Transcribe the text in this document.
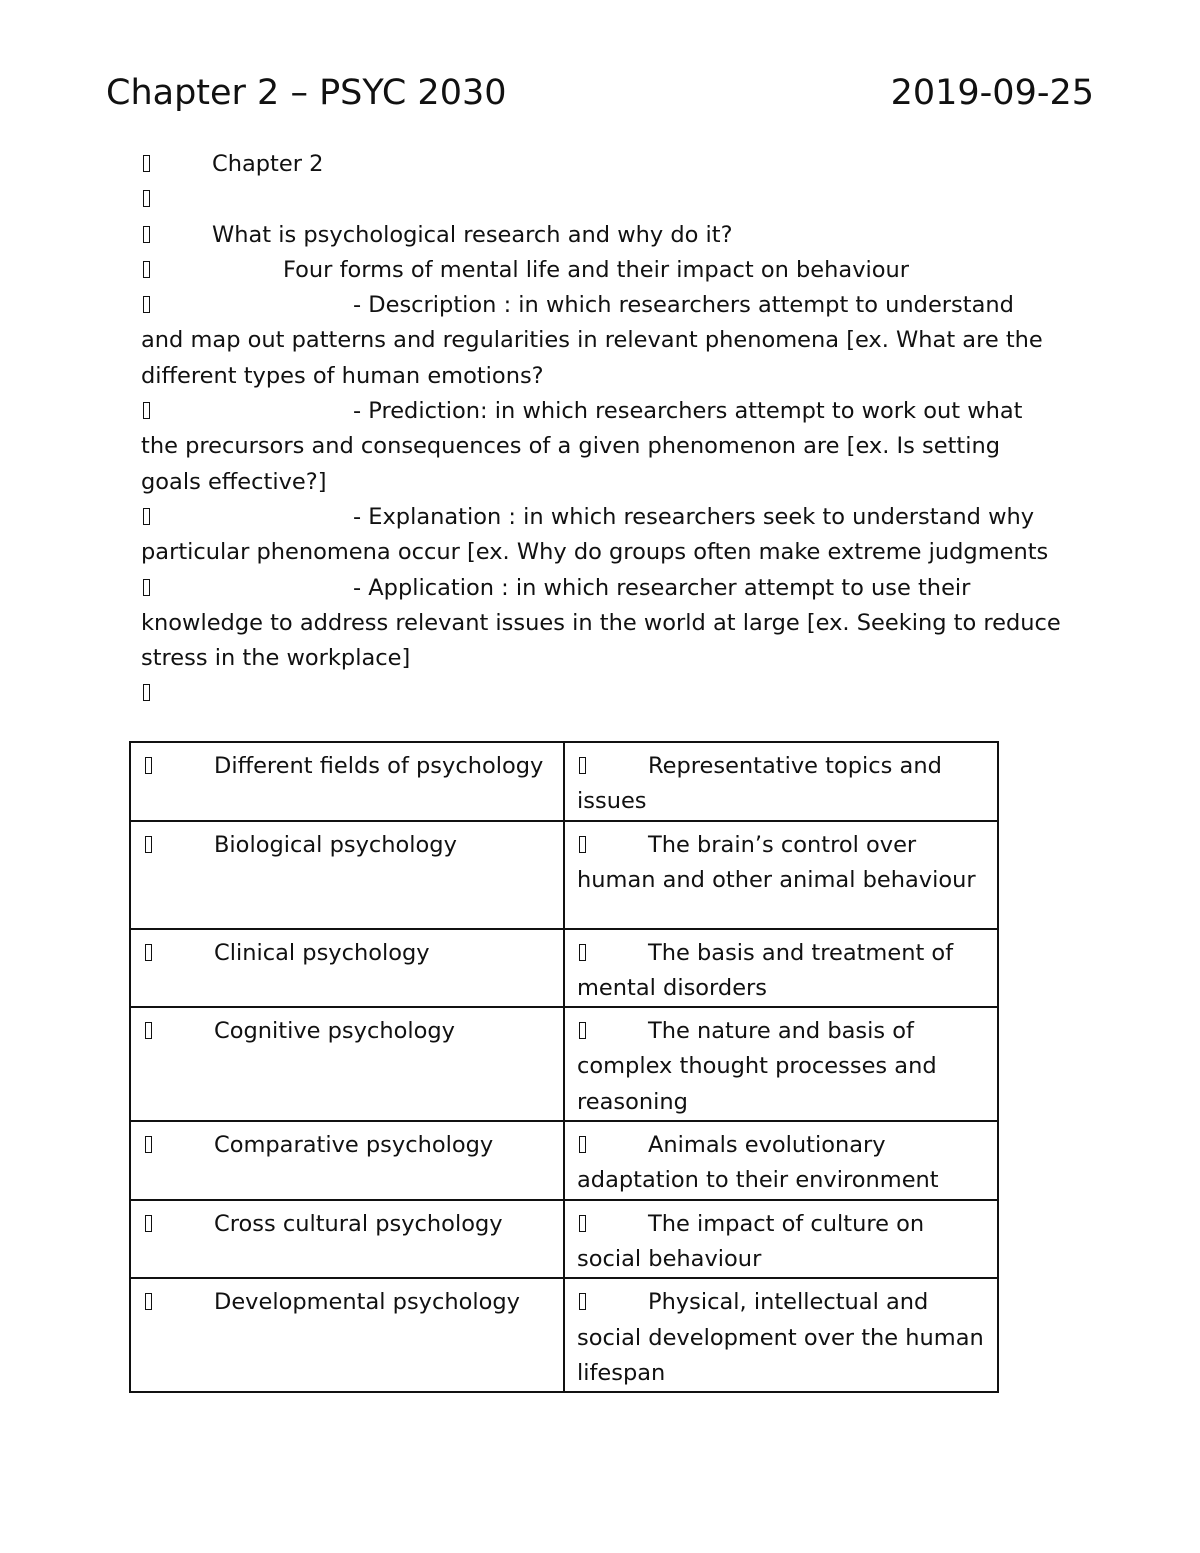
Chapter 2 – PSYC 2030	2019-09-25
Chapter 2
What is psychological research and why do it?
Four forms of mental life and their impact on behaviour
- Description : in which researchers attempt to understand and map out patterns and regularities in relevant phenomena [ex. What are the different types of human emotions?
- Prediction: in which researchers attempt to work out what the precursors and consequences of a given phenomenon are [ex. Is setting goals effective?]
- Explanation : in which researchers seek to understand why particular phenomena occur [ex. Why do groups often make extreme judgments
- Application : in which researcher attempt to use their knowledge to address relevant issues in the world at large [ex. Seeking to reduce stress in the workplace]
Different fields of psychology	Representative topics and issues

Biological psychology	The brain’s control over human and other animal behaviour

Clinical psychology	The basis and treatment of mental disorders

Cognitive psychology	The nature and basis of complex thought processes and reasoning

Comparative psychology	Animals evolutionary adaptation to their environment

Cross cultural psychology	The impact of culture on social behaviour

Developmental psychology	Physical, intellectual and social development over the human lifespan
